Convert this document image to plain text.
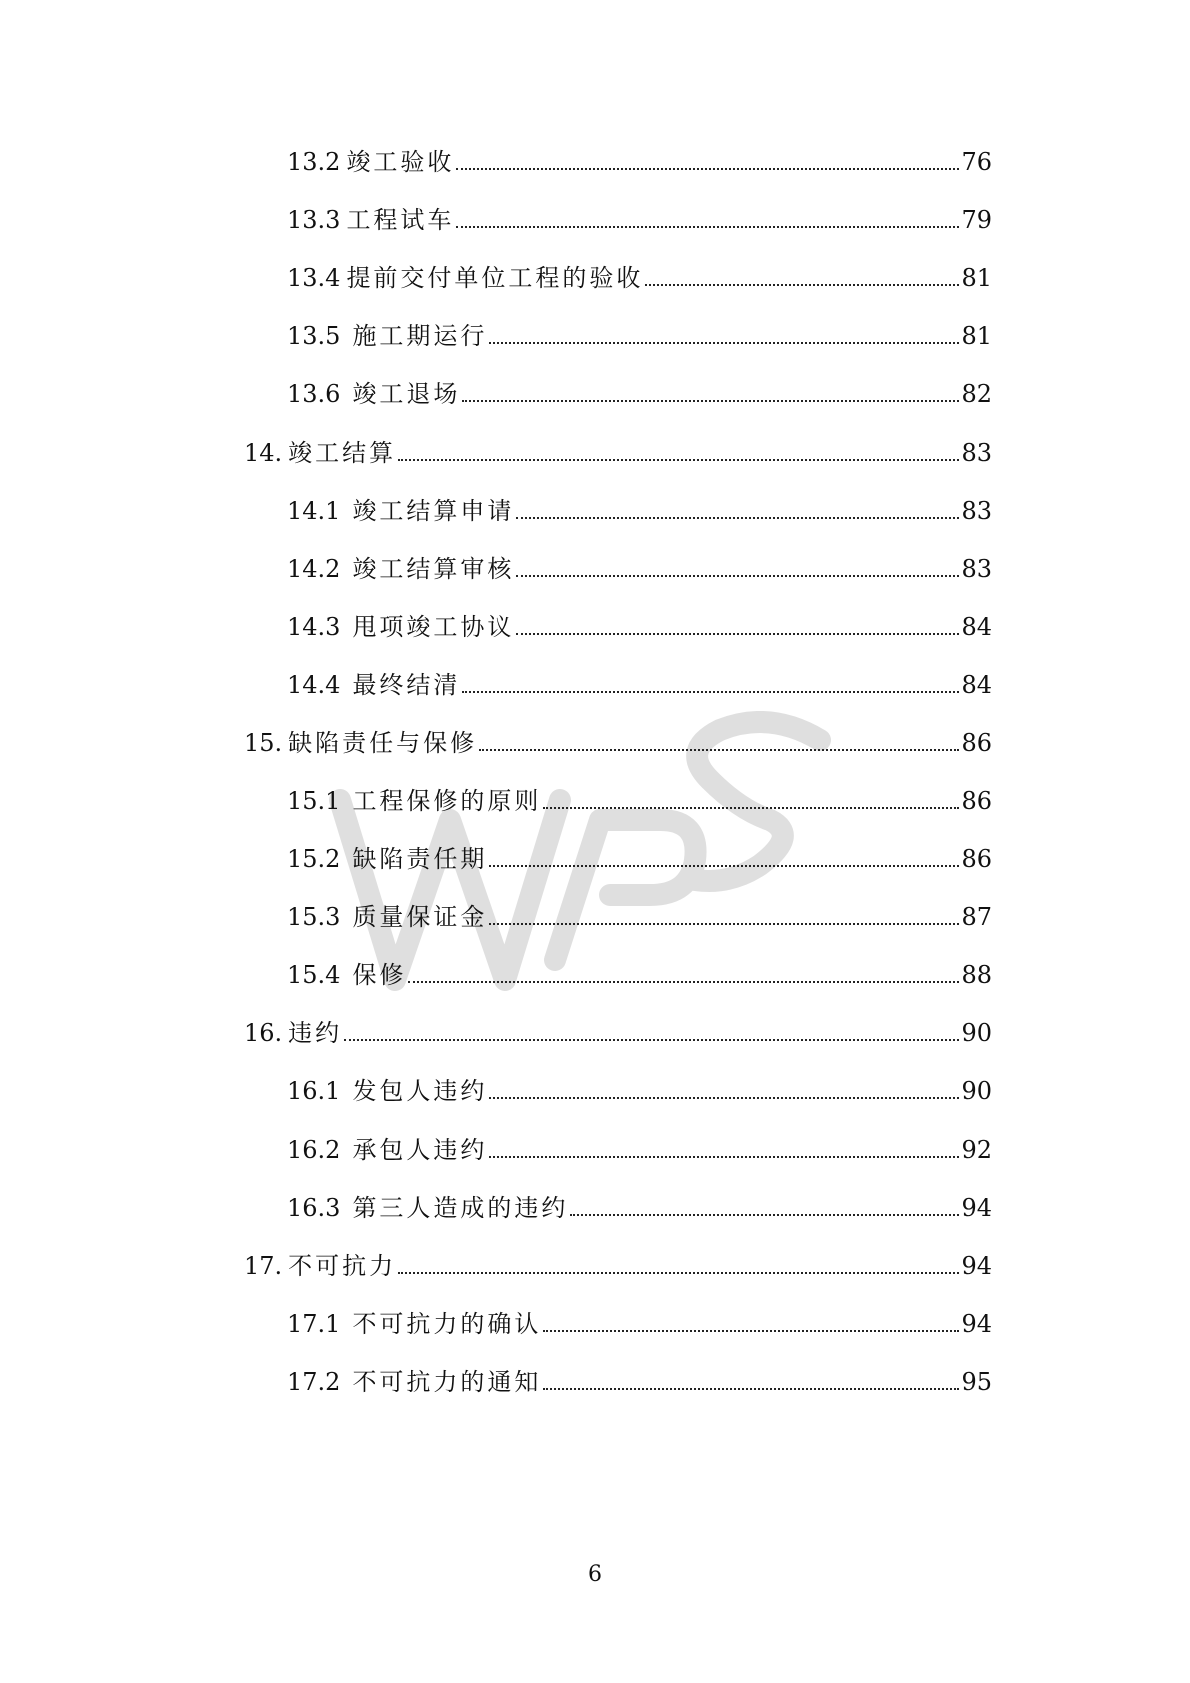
13.2 竣工验收	76
13.3 工程试车	79
13.4 提前交付单位工程的验收	81
13.5 施工期运行	81
13.6 竣工退场	82
14. 竣工结算	83
14.1 竣工结算申请	83
14.2 竣工结算审核	83
14.3 甩项竣工协议	84
14.4 最终结清	84
15. 缺陷责任与保修	86
15.1 工程保修的原则	86
15.2 缺陷责任期	86
15.3 质量保证金	87
15.4 保修	88
16. 违约	90
16.1 发包人违约	90
16.2 承包人违约	92
16.3 第三人造成的违约	94
17. 不可抗力	94
17.1 不可抗力的确认	94
17.2 不可抗力的通知	95
6
